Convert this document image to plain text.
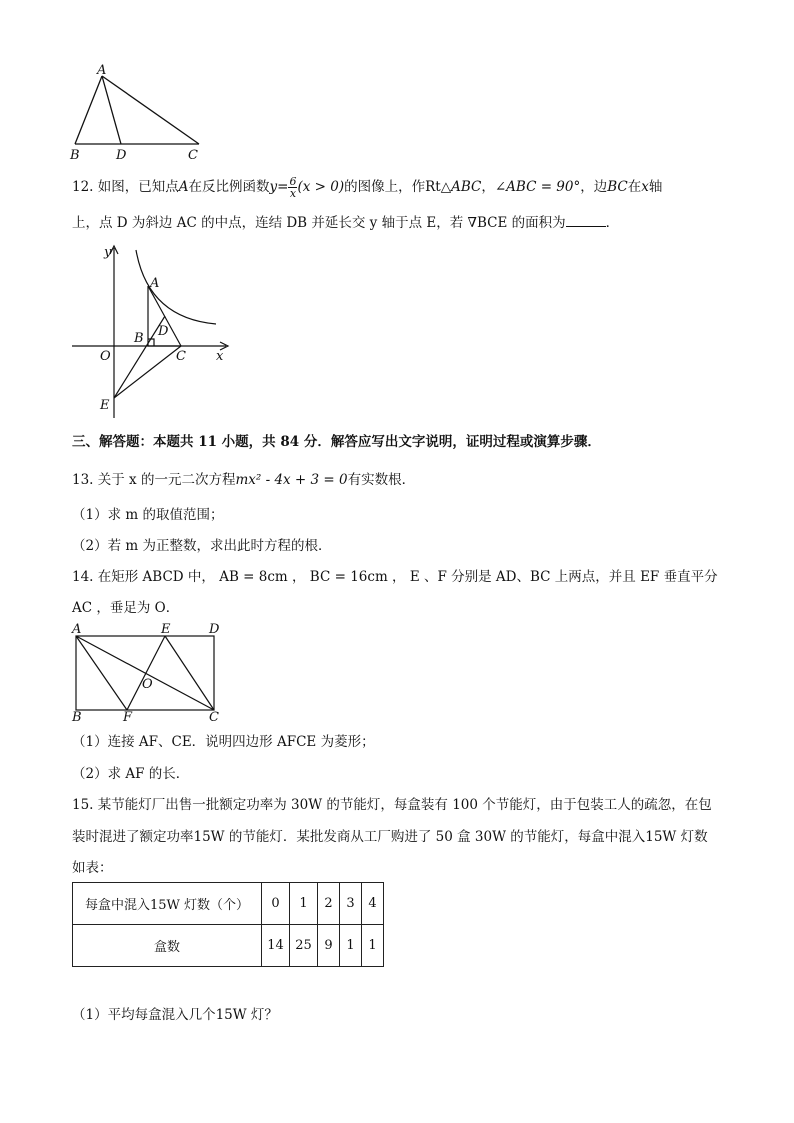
A
B	D	C
12. 如图，已知点A在反比例函数$y= \frac{6}{x} (x > 0)$的图像上，作Rt△ABC，∠ABC = 90°，边BC在x轴
上，点 D 为斜边 AC 的中点，连结 DB 并延长交 y 轴于点 E，若 ∇BCE 的面积为	．
y
x
A
B D
O	C
E
三、解答题：本题共 11 小题，共 84 分．解答应写出文字说明，证明过程或演算步骤．
13. 关于 x 的一元二次方程mx² - 4x + 3 = 0有实数根．
（1）求 m 的取值范围；
（2）若 m 为正整数，求出此时方程的根．
14. 在矩形 ABCD 中， AB = 8cm ， BC = 16cm ， E 、F 分别是 AD、BC 上两点，并且 EF 垂直平分
AC ，垂足为 O．
A	E	D
O
B	F	C
（1）连接 AF、CE．说明四边形 AFCE 为菱形；
（2）求 AF 的长．
15. 某节能灯厂出售一批额定功率为 30W 的节能灯，每盒装有 100 个节能灯，由于包装工人的疏忽，在包
装时混进了额定功率15W 的节能灯．某批发商从工厂购进了 50 盒 30W 的节能灯，每盒中混入15W 灯数
如表：
每盒中混入15W 灯数（个）	0	1	2	3	4
盒数	14	25	9	1	1
（1）平均每盒混入几个15W 灯？
